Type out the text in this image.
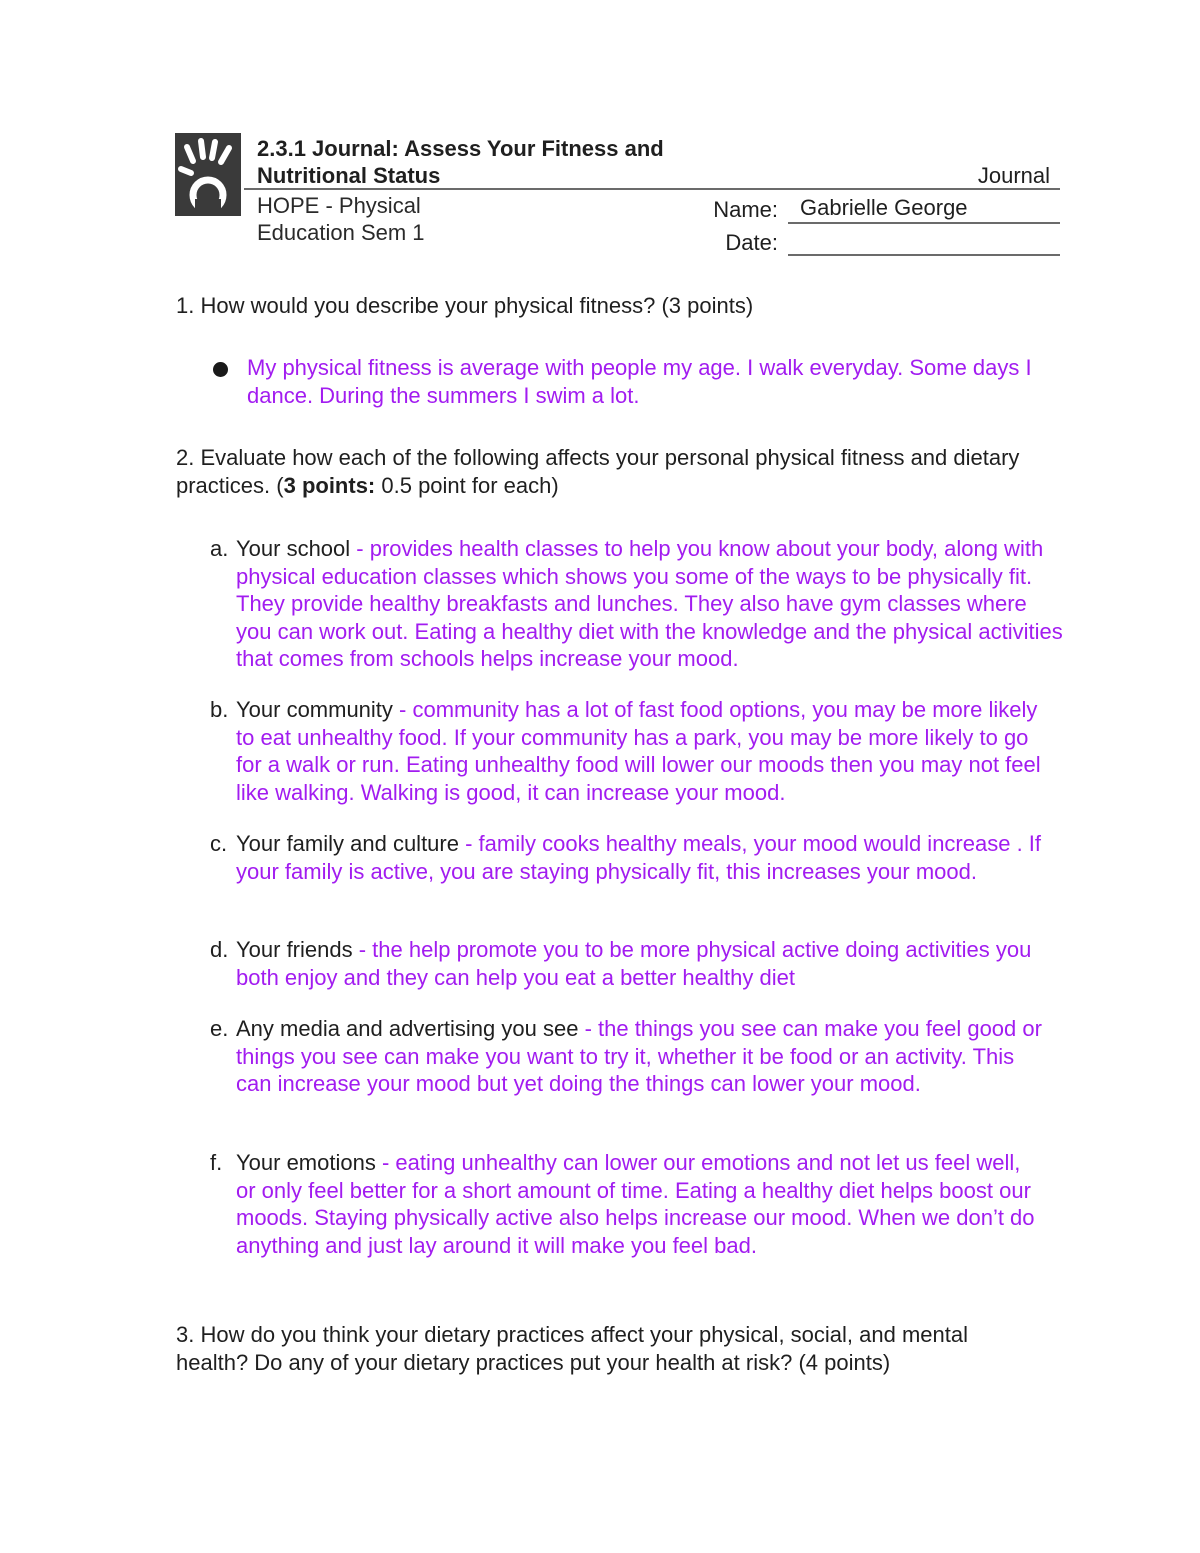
2.3.1 Journal: Assess Your Fitness and Nutritional Status	Journal
HOPE - Physical Education Sem 1
Name:	Gabrielle George
Date:
1. How would you describe your physical fitness? (3 points)
My physical fitness is average with people my age. I walk everyday. Some days I dance. During the summers I swim a lot.
2. Evaluate how each of the following affects your personal physical fitness and dietary practices. (3 points: 0.5 point for each)
a. Your school - provides health classes to help you know about your body, along with physical education classes which shows you some of the ways to be physically fit. They provide healthy breakfasts and lunches. They also have gym classes where you can work out. Eating a healthy diet with the knowledge and the physical activities that comes from schools helps increase your mood.
b. Your community - community has a lot of fast food options, you may be more likely to eat unhealthy food. If your community has a park, you may be more likely to go for a walk or run. Eating unhealthy food will lower our moods then you may not feel like walking. Walking is good, it can increase your mood.
c. Your family and culture - family cooks healthy meals, your mood would increase . If your family is active, you are staying physically fit, this increases your mood.
d. Your friends - the help promote you to be more physical active doing activities you both enjoy and they can help you eat a better healthy diet
e. Any media and advertising you see - the things you see can make you feel good or things you see can make you want to try it, whether it be food or an activity. This can increase your mood but yet doing the things can lower your mood.
f. Your emotions - eating unhealthy can lower our emotions and not let us feel well, or only feel better for a short amount of time. Eating a healthy diet helps boost our moods. Staying physically active also helps increase our mood. When we don’t do anything and just lay around it will make you feel bad.
3. How do you think your dietary practices affect your physical, social, and mental health? Do any of your dietary practices put your health at risk? (4 points)
